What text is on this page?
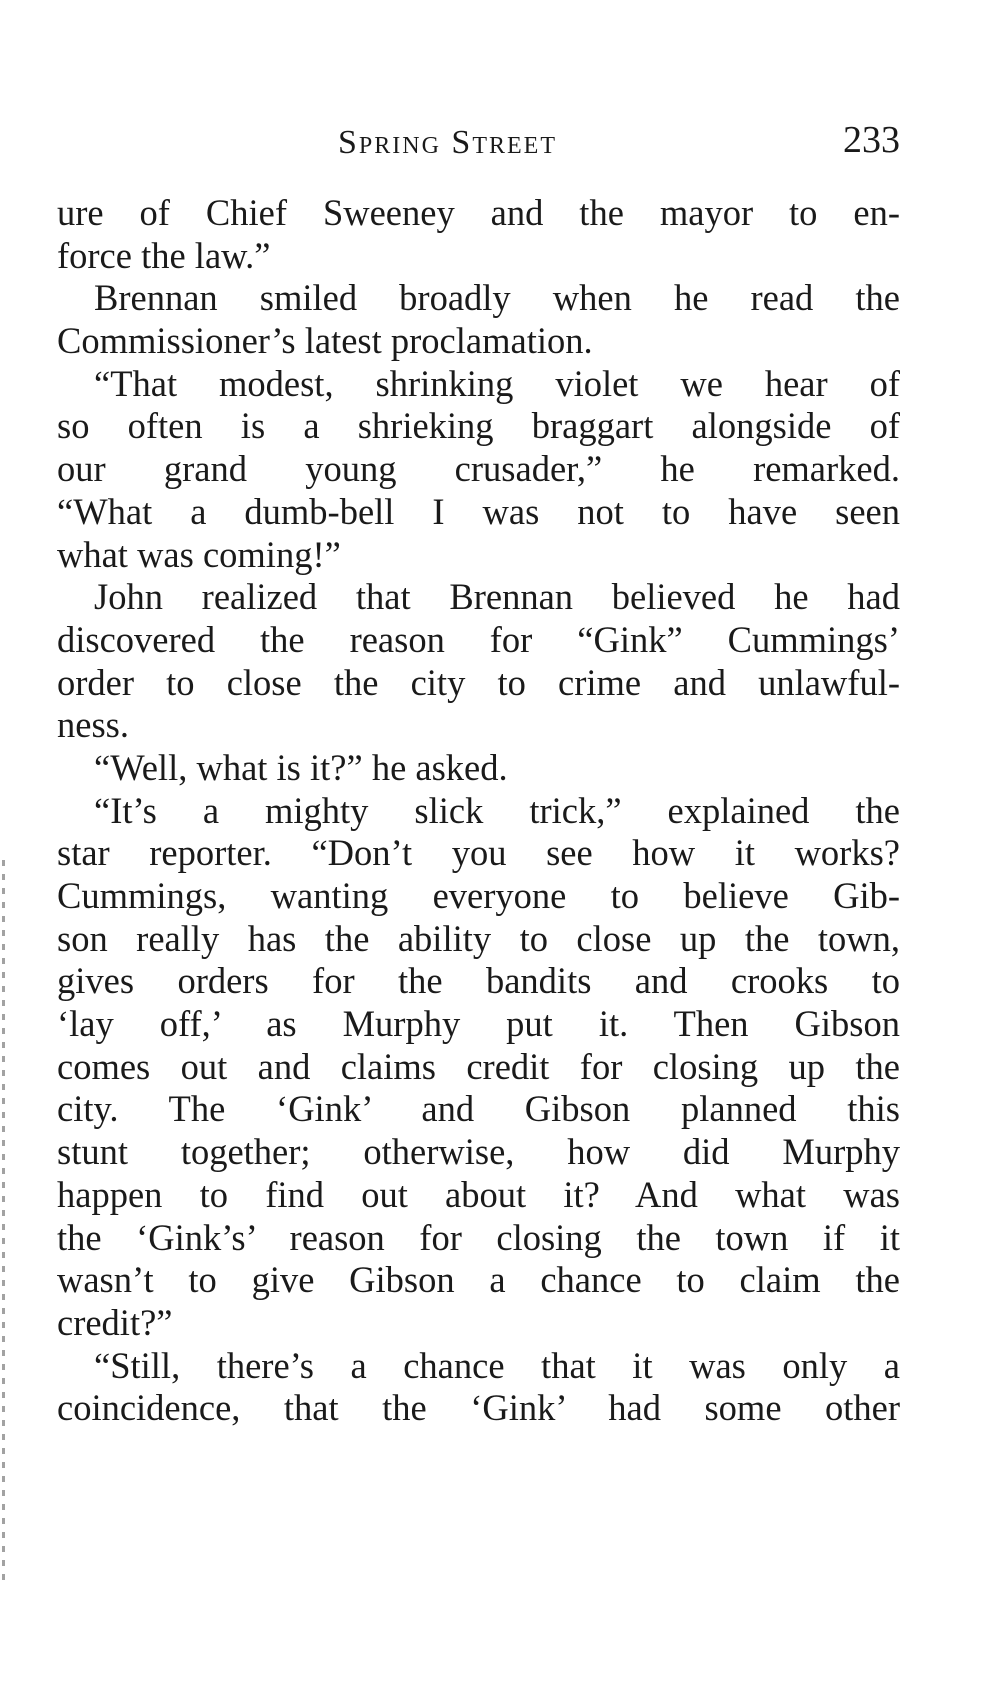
Spring Street	233
ure of Chief Sweeney and the mayor to en-
force the law.”
Brennan smiled broadly when he read the
Commissioner’s latest proclamation.
“That modest, shrinking violet we hear of
so often is a shrieking braggart alongside of
our grand young crusader,” he remarked.
“What a dumb-bell I was not to have seen
what was coming!”
John realized that Brennan believed he had
discovered the reason for “Gink” Cummings’
order to close the city to crime and unlawful-
ness.
“Well, what is it?” he asked.
“It’s a mighty slick trick,” explained the
star reporter. “Don’t you see how it works?
Cummings, wanting everyone to believe Gib-
son really has the ability to close up the town,
gives orders for the bandits and crooks to
‘lay off,’ as Murphy put it. Then Gibson
comes out and claims credit for closing up the
city. The ‘Gink’ and Gibson planned this
stunt together; otherwise, how did Murphy
happen to find out about it? And what was
the ‘Gink’s’ reason for closing the town if it
wasn’t to give Gibson a chance to claim the
credit?”
“Still, there’s a chance that it was only a
coincidence, that the ‘Gink’ had some other
